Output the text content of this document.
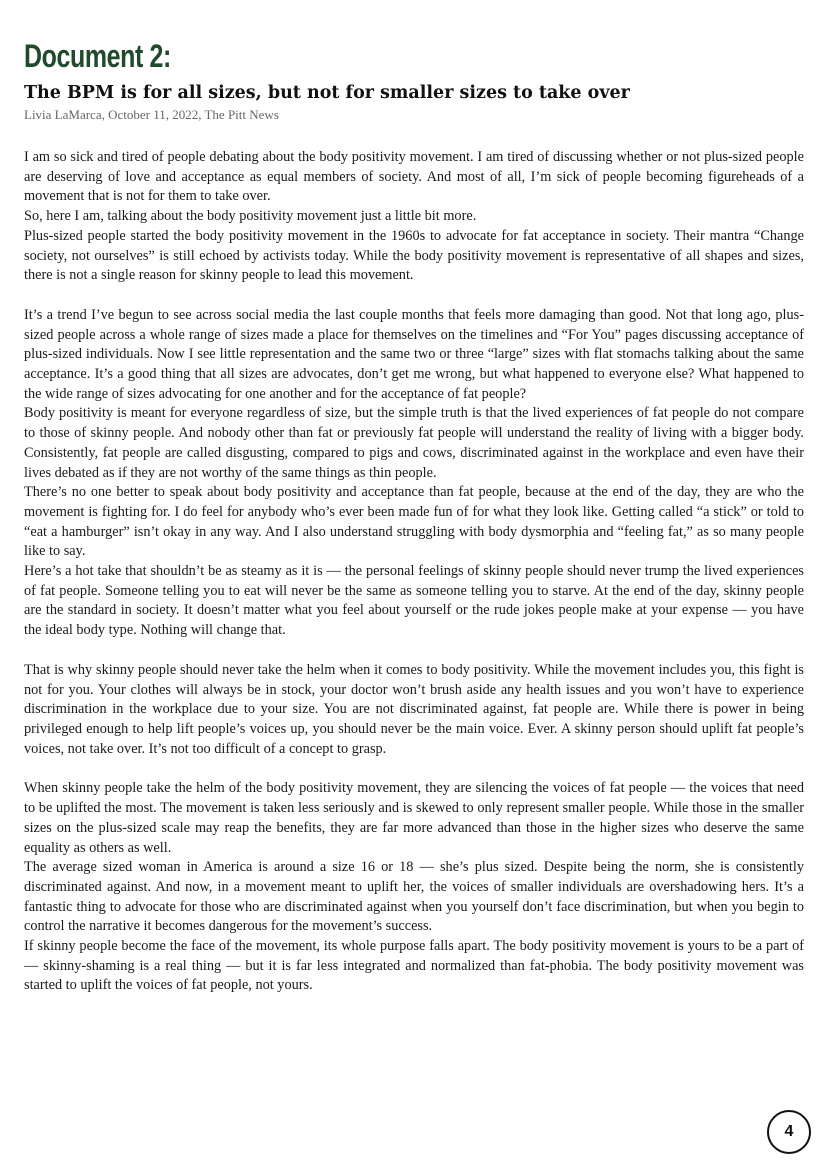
Document 2:
The BPM is for all sizes, but not for smaller sizes to take over
Livia LaMarca, October 11, 2022, The Pitt News

I am so sick and tired of people debating about the body positivity movement. I am tired of discussing whether or not plus-sized people are deserving of love and acceptance as equal members of society. And most of all, I’m sick of people becoming figureheads of a movement that is not for them to take over.

So, here I am, talking about the body positivity movement just a little bit more.

Plus-sized people started the body positivity movement in the 1960s to advocate for fat acceptance in society. Their mantra “Change society, not ourselves” is still echoed by activists today. While the body positivity movement is representative of all shapes and sizes, there is not a single reason for skinny people to lead this movement.

It’s a trend I’ve begun to see across social media the last couple months that feels more damaging than good. Not that long ago, plus-sized people across a whole range of sizes made a place for themselves on the timelines and “For You” pages discussing acceptance of plus-sized individuals. Now I see little representation and the same two or three “large” sizes with flat stomachs talking about the same acceptance. It’s a good thing that all sizes are advocates, don’t get me wrong, but what happened to everyone else? What happened to the wide range of sizes advocating for one another and for the acceptance of fat people?

Body positivity is meant for everyone regardless of size, but the simple truth is that the lived experiences of fat people do not compare to those of skinny people. And nobody other than fat or previously fat people will understand the reality of living with a bigger body. Consistently, fat people are called disgusting, compared to pigs and cows, discriminated against in the workplace and even have their lives debated as if they are not worthy of the same things as thin people.

There’s no one better to speak about body positivity and acceptance than fat people, because at the end of the day, they are who the movement is fighting for. I do feel for anybody who’s ever been made fun of for what they look like. Getting called “a stick” or told to “eat a hamburger” isn’t okay in any way. And I also understand struggling with body dysmorphia and “feeling fat,” as so many people like to say.

Here’s a hot take that shouldn’t be as steamy as it is — the personal feelings of skinny people should never trump the lived experiences of fat people. Someone telling you to eat will never be the same as someone telling you to starve. At the end of the day, skinny people are the standard in society. It doesn’t matter what you feel about yourself or the rude jokes people make at your expense — you have the ideal body type. Nothing will change that.

That is why skinny people should never take the helm when it comes to body positivity. While the movement includes you, this fight is not for you. Your clothes will always be in stock, your doctor won’t brush aside any health issues and you won’t have to experience discrimination in the workplace due to your size. You are not discriminated against, fat people are. While there is power in being privileged enough to help lift people’s voices up, you should never be the main voice. Ever. A skinny person should uplift fat people’s voices, not take over. It’s not too difficult of a concept to grasp.

When skinny people take the helm of the body positivity movement, they are silencing the voices of fat people — the voices that need to be uplifted the most. The movement is taken less seriously and is skewed to only represent smaller people. While those in the smaller sizes on the plus-sized scale may reap the benefits, they are far more advanced than those in the higher sizes who deserve the same equality as others as well.

The average sized woman in America is around a size 16 or 18 — she’s plus sized. Despite being the norm, she is consistently discriminated against. And now, in a movement meant to uplift her, the voices of smaller individuals are overshadowing hers. It’s a fantastic thing to advocate for those who are discriminated against when you yourself don’t face discrimination, but when you begin to control the narrative it becomes dangerous for the movement’s success.

If skinny people become the face of the movement, its whole purpose falls apart. The body positivity movement is yours to be a part of — skinny-shaming is a real thing — but it is far less integrated and normalized than fat-phobia. The body positivity movement was started to uplift the voices of fat people, not yours.

4
